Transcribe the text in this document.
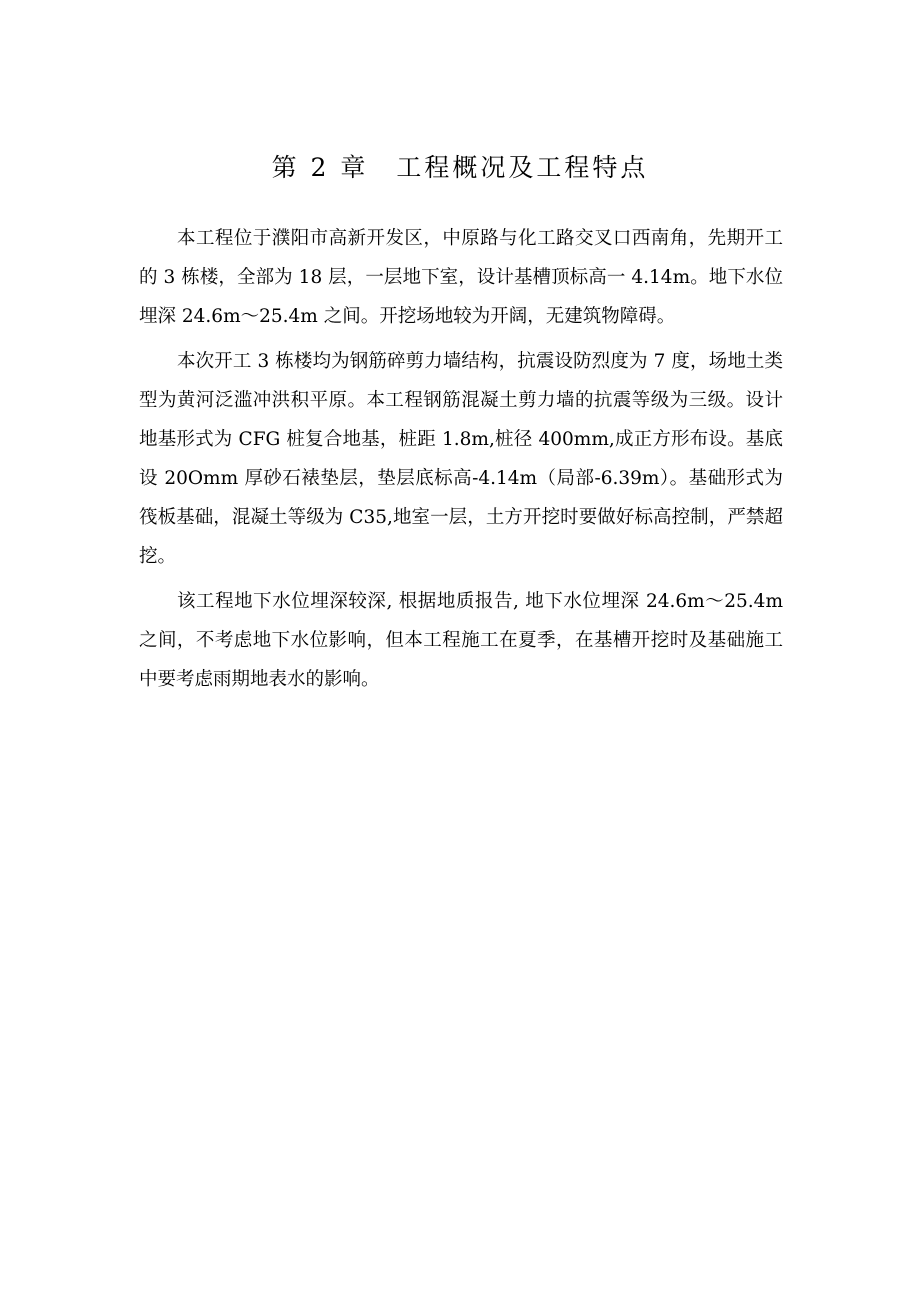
第 2 章　工程概况及工程特点

本工程位于濮阳市高新开发区，中原路与化工路交叉口西南角，先期开工的 3 栋楼，全部为 18 层，一层地下室，设计基槽顶标高一 4.14m。地下水位埋深 24.6m～25.4m 之间。开挖场地较为开阔，无建筑物障碍。

本次开工 3 栋楼均为钢筋碎剪力墙结构，抗震设防烈度为 7 度，场地土类型为黄河泛滥冲洪积平原。本工程钢筋混凝土剪力墙的抗震等级为三级。设计地基形式为 CFG 桩复合地基，桩距 1.8m,桩径 400mm,成正方形布设。基底设 20Omm 厚砂石裱垫层，垫层底标高-4.14m（局部-6.39m）。基础形式为筏板基础，混凝土等级为 C35,地室一层，土方开挖时要做好标高控制，严禁超挖。

该工程地下水位埋深较深, 根据地质报告, 地下水位埋深 24.6m～25.4m 之间，不考虑地下水位影响，但本工程施工在夏季，在基槽开挖时及基础施工中要考虑雨期地表水的影响。
